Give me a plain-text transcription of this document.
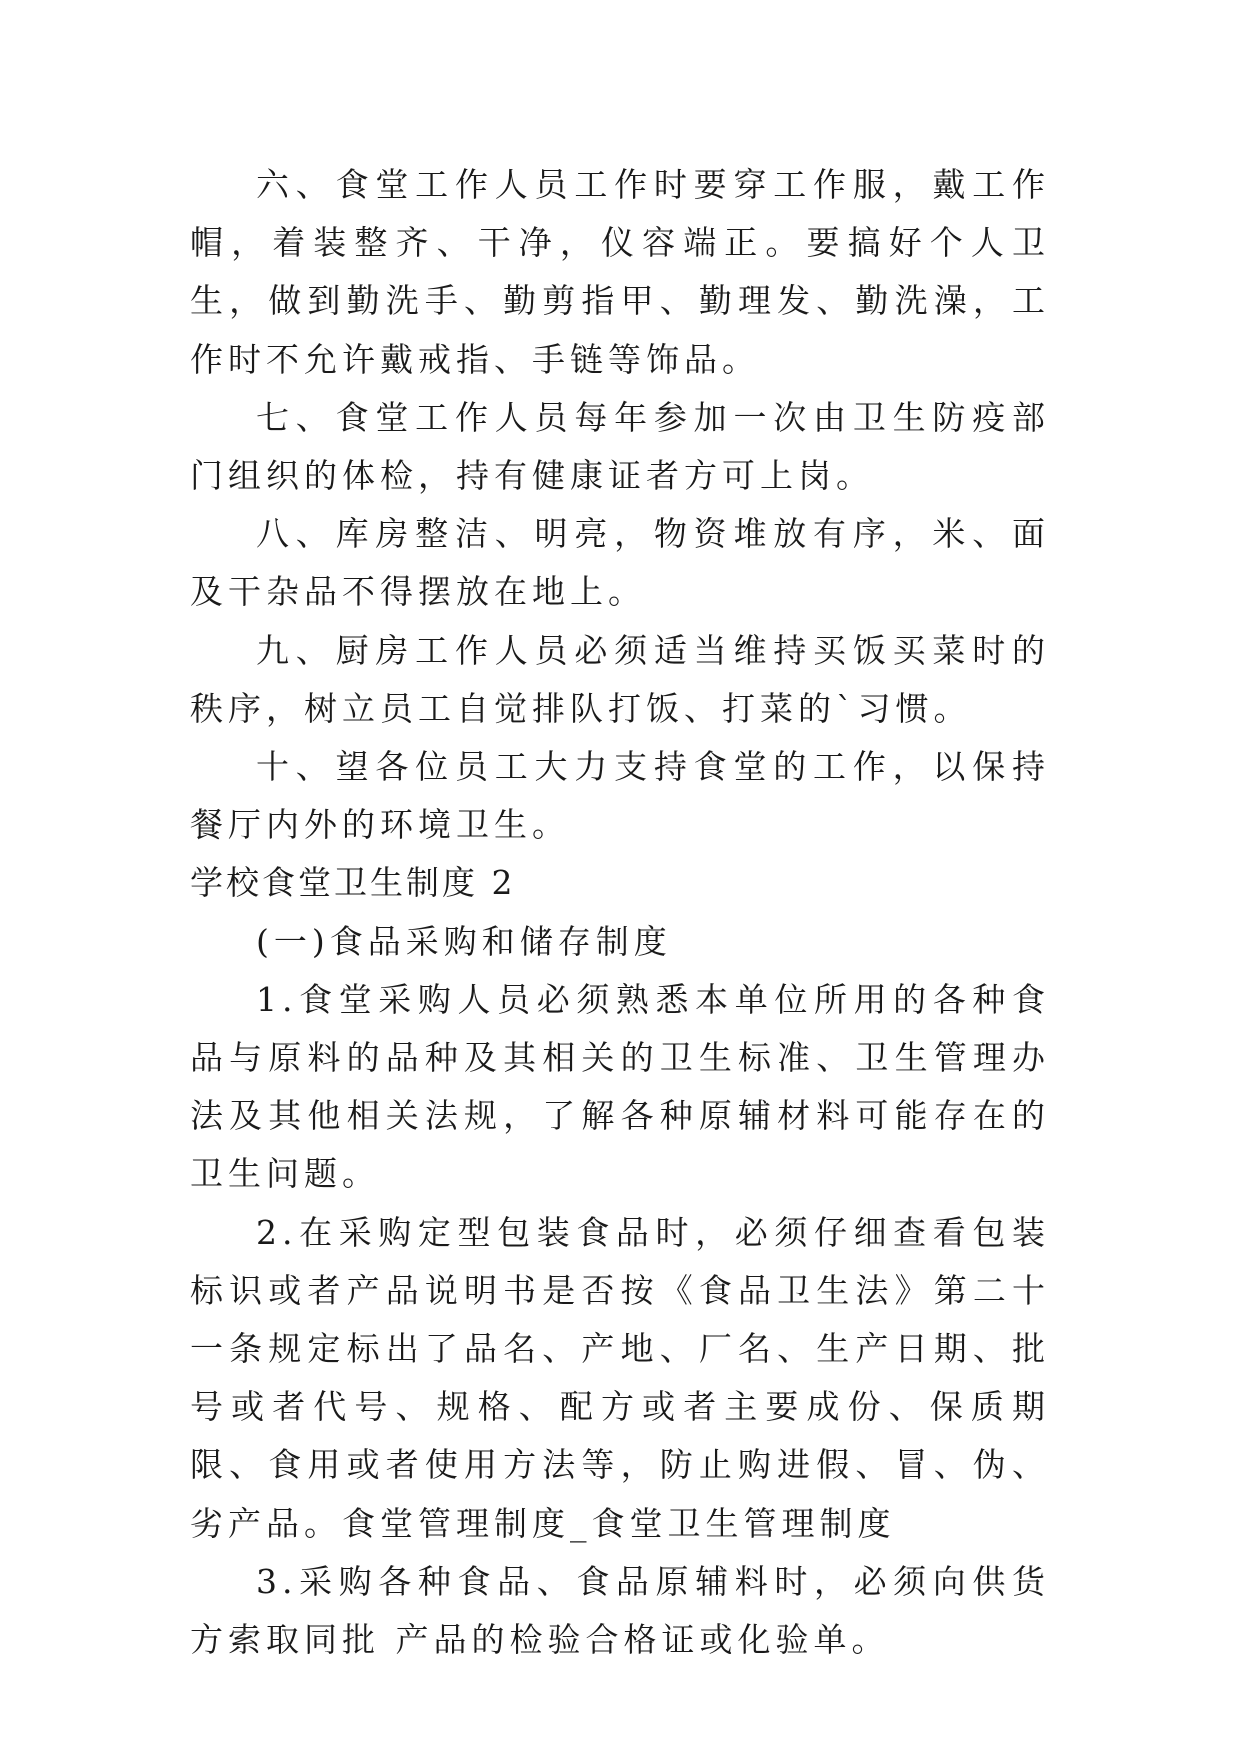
六、食堂工作人员工作时要穿工作服，戴工作帽，着装整齐、干净，仪容端正。要搞好个人卫生，做到勤洗手、勤剪指甲、勤理发、勤洗澡，工作时不允许戴戒指、手链等饰品。

七、食堂工作人员每年参加一次由卫生防疫部门组织的体检，持有健康证者方可上岗。

八、库房整洁、明亮，物资堆放有序，米、面及干杂品不得摆放在地上。

九、厨房工作人员必须适当维持买饭买菜时的秩序，树立员工自觉排队打饭、打菜的`习惯。

十、望各位员工大力支持食堂的工作，以保持餐厅内外的环境卫生。

学校食堂卫生制度 2

(一)食品采购和储存制度

1.食堂采购人员必须熟悉本单位所用的各种食品与原料的品种及其相关的卫生标准、卫生管理办法及其他相关法规，了解各种原辅材料可能存在的卫生问题。

2.在采购定型包装食品时，必须仔细查看包装标识或者产品说明书是否按《食品卫生法》第二十一条规定标出了品名、产地、厂名、生产日期、批号或者代号、规格、配方或者主要成份、保质期限、食用或者使用方法等，防止购进假、冒、伪、劣产品。食堂管理制度_食堂卫生管理制度

3.采购各种食品、食品原辅料时，必须向供货方索取同批 产品的检验合格证或化验单。
